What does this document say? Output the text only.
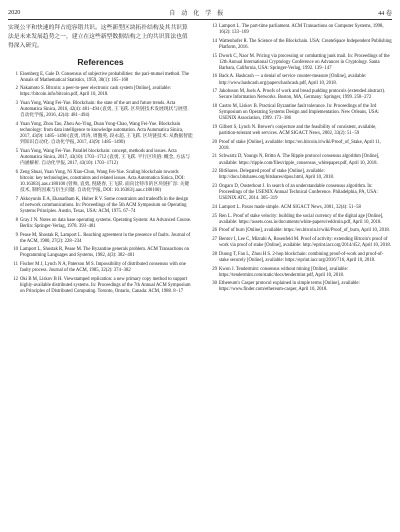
2020	自动化学报	44 卷

实现公平和快速的拜占庭容错共识。这些新型区块拓扑结构及其共识算法是未来发展趋势之一，建立在这些新型数据结构之上的共识算法也值得深入研究。

References
1 Eisenberg E, Gale D. Consensus of subjective probabilities: the pari-mutuel method. The Annals of Mathematical Statistics, 1959, 30(1): 165−168
2 Nakamoto S. Bitcoin: a peer-to-peer electronic cash system [Online], available: https://bitcoin.info/bitcoin.pdf, April 10, 2018.
3 Yuan Yong, Wang Fei-Yue. Blockchain: the state of the art and future trends. Acta Automatica Sinica, 2016, 42(4): 481−494 (袁勇, 王飞跃. 区块链技术发展现状与展望. 自动化学报, 2016, 42(4): 481−494)
4 Yuan Yong, Zhou Tao, Zhou Ao-Ying, Duan Yong-Chao, Wang Fei-Yue. Blockchain technology: from data intelligence to knowledge automation. Acta Automatica Sinica, 2017, 43(9): 1485−1490 (袁勇, 周涛, 周傲英, 段永超, 王飞跃. 区块链技术: 从数据智能到知识自动化. 自动化学报, 2017, 43(9): 1485−1490)
5 Yuan Yong, Wang Fei-Yue. Parallel blockchain: concept, methods and issues. Acta Automatica Sinica, 2017, 43(10): 1703−1712 (袁勇, 王飞跃. 平行区块链: 概念, 方法与内涵解析. 自动化学报, 2017, 43(10): 1703−1712)
6 Zeng Shuai, Yuan Yong, Ni Xiao-Chun, Wang Fei-Yue. Scaling blockchain towards bitcoin: key technologies, constraints and related issues. Acta Automatica Sinica, DOI: 10.16383/j.aas.c180100 (曾帅, 袁勇, 倪晓春, 王飞跃. 面向比特币的区块链扩容: 关键技术, 制约因素与衍生问题. 自动化学报, DOI: 10.16383/j.aas.c180100)
7 Akkoyunlu E A, Ekanadham K, Huber R V. Some constraints and tradeoffs in the design of network communications. In: Proceedings of the 5th ACM Symposium on Operating Systems Principles. Austin, Texas, USA: ACM, 1975. 67−74
8 Gray J N. Notes on data base operating systems. Operating System: An Advanced Course. Berlin: Springer-Verlag, 1978. 393−481
9 Pease M, Shostak R, Lamport L. Reaching agreement in the presence of faults. Journal of the ACM, 1980, 27(2): 228−234
10 Lamport L, Shostak R, Pease M. The Byzantine generals problem. ACM Transactions on Programming Languages and Systems, 1982, 4(3): 382−401
11 Fischer M J, Lynch N A, Paterson M S. Impossibility of distributed consensus with one faulty process. Journal of the ACM, 1985, 32(2): 374−382
12 Oki B M, Liskov B H. Viewstamped replication: a new primary copy method to support highly-available distributed systems. In: Proceedings of the 7th Annual ACM Symposium on Principles of Distributed Computing. Toronto, Ontario, Canada: ACM, 1988. 8−17
13 Lamport L. The part-time parliament. ACM Transactions on Computer Systems, 1998, 16(2): 133−169
14 Wattenhofer R. The Science of the Blockchain. USA: CreateSpace Independent Publishing Platform, 2016.
15 Dwork C, Naor M. Pricing via processing or combatting junk mail. In: Proceedings of the 12th Annual International Cryptology Conference on Advances in Cryptology. Santa Barbara, California, USA: Springer-Verlag, 1992. 139−147
16 Back A. Hashcash — a denial of service counter-measure [Online], available: http://www.hashcash.org/papers/hashcash.pdf, April 10, 2018.
17 Jakobsson M, Juels A. Proofs of work and bread pudding protocols (extended abstract). Secure Information Networks. Boston, MA, Germany: Springer, 1999. 258−272
18 Castro M, Liskov B. Practical Byzantine fault tolerance. In: Proceedings of the 3rd Symposium on Operating Systems Design and Implementation. New Orleans, USA: USENIX Association, 1999. 173−186
19 Gilbert S, Lynch N. Brewer's conjecture and the feasibility of consistent, available, partition-tolerant web services. ACM SIGACT News, 2002, 33(2): 51−59
20 Proof of stake [Online], available: https://en.bitcoin.it/wiki/Proof_of_Stake, April 11, 2018.
21 Schwartz D, Youngs N, Britto A. The Ripple protocol consensus algorithm [Online], available: https://ripple.com/files/ripple_consensus_whitepaper.pdf, April 10, 2018.
22 BitShares. Delegated proof of stake [Online], available: http://docs.bitshares.org/bitshares/dpos.html, April 10, 2018.
23 Ongaro D, Ousterhout J. In search of an understandable consensus algorithm. In: Proceedings of the USENIX Annual Technical Conference. Philadelphia, PA, USA: USENIX ATC, 2014. 305−319
24 Lamport L. Paxos made simple. ACM SIGACT News, 2001, 32(4): 51−58
25 Ren L. Proof of stake velocity: building the social currency of the digital age [Online], available: https://assets.coss.io/documents/white-papers/reddcoin.pdf, April 10, 2018.
26 Proof of burn [Online], available: https://en.bitcoin.it/wiki/Proof_of_burn, April 10, 2018.
27 Bentov I, Lee C, Mizrahi A, Rosenfeld M. Proof of activity: extending Bitcoin's proof of work via proof of stake [Online], available: http://eprint.iacr.org/2014/452, April 10, 2018.
28 Duong T, Fan L, Zhou H S. 2-hop blockchain: combining proof-of-work and proof-of-stake securely [Online], available: https://eprint.iacr.org/2016/716, April 10, 2018.
29 Kwon J. Tendermint: consensus without mining [Online], available: https://tendermint.com/static/docs/tendermint.pdf, April 10, 2018.
30 Ethereum's Casper protocol explained in simple terms [Online], available: https://www.finder.com/ethereum-casper, April 10, 2018.
